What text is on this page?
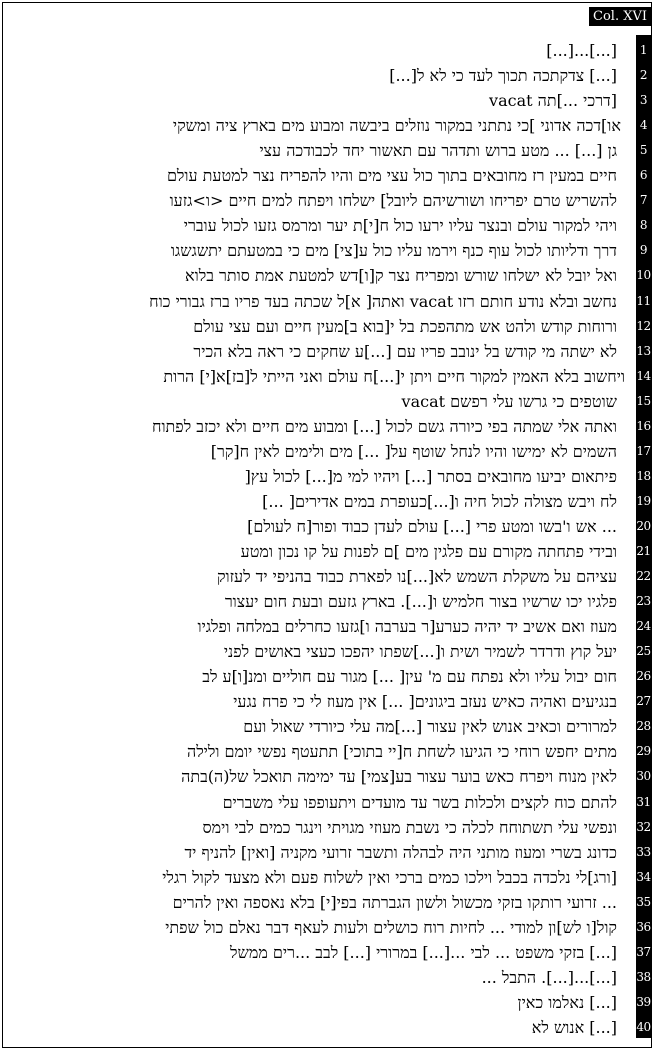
Col. XVI
[...]...[...]	1
[...] צדקתכה תכוך לעד כי לא ל[...]	2
[דרכי ...]תה vacat	3
או]דכה אדוני ]כי נתתני במקור נוזלים ביבשה ומבוע מים בארץ ציה ומשקי	4
גן [...] ... מטע ברוש ותדהר עם תאשור יחד לכבודכה עצי	5
חיים במעין רז מחובאים בתוך כול עצי מים והיו להפריח נצר למטעת עולם	6
להשריש טרם יפריחו ושורשיהם ליובל] ישלחו ויפתח למים חיים <ו>גזעו	7
ויהי למקור עולם ובנצר עליו ירעו כול ח[י]ת יער ומרמס גזעו לכול עוברי	8
דרך ודליותו לכול עוף כנף וירמו עליו כול ע[צי] מים כי במטעתם יתשגשגו	9
ואל יובל לא ישלחו שורש ומפריח נצר ק[ו]דש למטעת אמת סותר בלוא 10
נחשב ובלא נודע חותם רזו vacat ואתה[ א]ל שכתה בעד פריו ברז גבורי כוח 11
ורוחות קודש ולהט אש מתהפכת בל י[בוא ב]מעין חיים ועם עצי עולם 12
לא ישתה מי קודש בל ינובב פריו עם [...]ע שחקים כי ראה בלא הכיר 13
ויחשוב בלא האמין למקור חיים ויתן י[...]ח עולם ואני הייתי ל[בז]א[י] הרות 14
שוטפים כי גרשו עלי רפשם vacat 15
ואתה אלי שמתה בפי כיורה גשם לכול [...] ומבוע מים חיים ולא יכזב לפתוח 16
השמים לא ימישו והיו לנחל שוטף על[ ...] מים ולימים לאין ח[קר] 17
פיתאום יביעו מחובאים בסתר [...] ויהיו למי מ[...] לכול עץ[ 18
לח ויבש מצולה לכול חיה ו[...]כעופרת במים אדירים[ ...] 19
... אש ו'בשו ומטע פרי [...] עולם לעדן כבוד ופור[ח לעולם] 20
ובידי פתחתה מקורם עם פלגין מים ]ם לפנות על קו נכון ומטע 21
עציהם על משקלת השמש לא[...]נו לפארת כבוד בהניפי יד לעזוק 22
פלגיו יכו שרשיו בצור חלמיש ו[...]. בארץ גזעם ובעת חום יעצור 23
מעוז ואם אשיב יד יהיה כערע[ר בערבה ו]גזעו כחרלים במלחה ופלגיו 24
יעל קוץ ודרדר לשמיר ושית ו[...]שפתו יהפכו כעצי באושים לפני 25
חום יבול עליו ולא נפתח עם מ' עין[ ...] מגור עם חוליים ומנ[ו]ע לב 26
בנגיעים ואהיה כאיש נעזב ביגונים[ ...] אין מעוז לי כי פרח נגעי 27
למרורים וכאיב אנוש לאין עצור [...]מה עלי כיורדי שאול ועם 28
מתים יחפש רוחי כי הגיעו לשחת ח[יי בתוכי] תתעטף נפשי יומם ולילה 29
לאין מנוח ויפרח כאש בוער עצור בע[צמי] עד ימימה תואכל של(ה)בתה 30
להתם כוח לקצים ולכלות בשר עד מועדים ויתעופפו עלי משברים 31
ונפשי עלי תשתוחח לכלה כי נשבת מעוזי מגויתי וינגר כמים לבי וימס 32
כדונג בשרי ומעוז מותני היה לבהלה ותשבר זרועי מקניה [ואין] להניף יד 33
[ורג]לי נלכדה בכבל וילכו כמים ברכי ואין לשלוח פעם ולא מצעד לקול רגלי 34
... זרועי רותקו בזקי מכשול ולשון הגברתה בפי[י] בלא נאספה ואין להרים 35
קול[ו לש]ון למודי ... לחיות רוח כושלים ולעות לעאף דבר נאלם כול שפתי 36
[...] בזקי משפט ... לבי ...[...] במרורי [...] לבב ...רים ממשל 37
[...]...[...]. התבל ... 38
[...] נאלמו כאין 39
[...] אנוש לא 40
